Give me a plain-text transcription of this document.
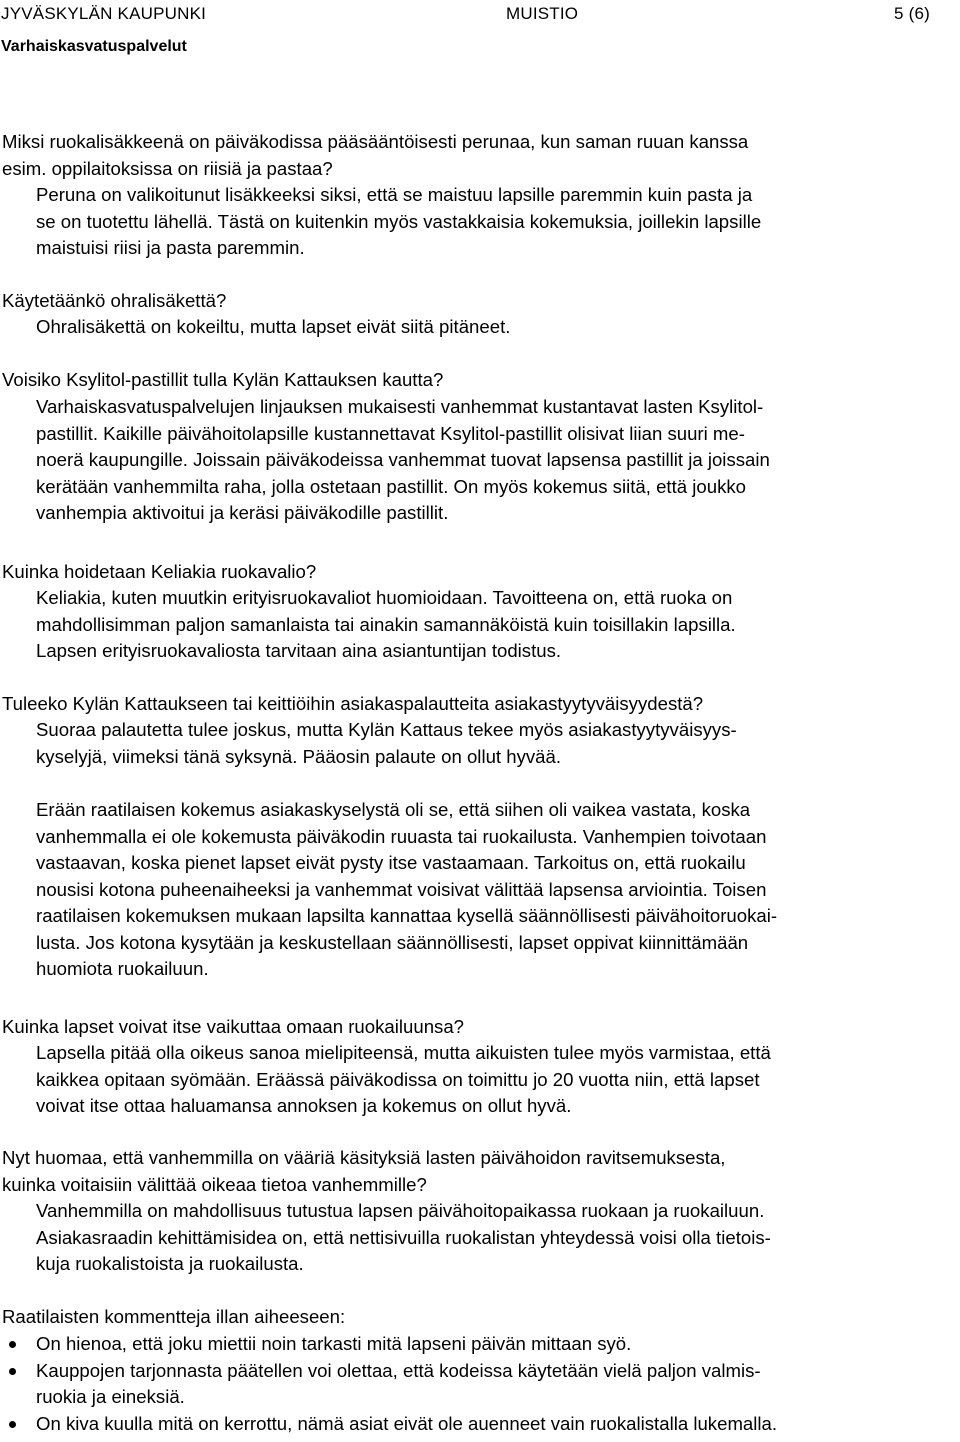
JYVÄSKYLÄN KAUPUNKI	MUISTIO	5 (6)
Varhaiskasvatuspalvelut
Miksi ruokalisäkkeenä on päiväkodissa pääsääntöisesti perunaa, kun saman ruuan kanssa
esim. oppilaitoksissa on riisiä ja pastaa?
Peruna on valikoitunut lisäkkeeksi siksi, että se maistuu lapsille paremmin kuin pasta ja
se on tuotettu lähellä. Tästä on kuitenkin myös vastakkaisia kokemuksia, joillekin lapsille
maistuisi riisi ja pasta paremmin.
Käytetäänkö ohralisäkettä?
Ohralisäkettä on kokeiltu, mutta lapset eivät siitä pitäneet.
Voisiko Ksylitol-pastillit tulla Kylän Kattauksen kautta?
Varhaiskasvatuspalvelujen linjauksen mukaisesti vanhemmat kustantavat lasten Ksylitol-
pastillit. Kaikille päivähoitolapsille kustannettavat Ksylitol-pastillit olisivat liian suuri me-
noerä kaupungille. Joissain päiväkodeissa vanhemmat tuovat lapsensa pastillit ja joissain
kerätään vanhemmilta raha, jolla ostetaan pastillit. On myös kokemus siitä, että joukko
vanhempia aktivoitui ja keräsi päiväkodille pastillit.
Kuinka hoidetaan Keliakia ruokavalio?
Keliakia, kuten muutkin erityisruokavaliot huomioidaan. Tavoitteena on, että ruoka on
mahdollisimman paljon samanlaista tai ainakin samannäköistä kuin toisillakin lapsilla.
Lapsen erityisruokavaliosta tarvitaan aina asiantuntijan todistus.
Tuleeko Kylän Kattaukseen tai keittiöihin asiakaspalautteita asiakastyytyväisyydestä?
Suoraa palautetta tulee joskus, mutta Kylän Kattaus tekee myös asiakastyytyväisyys-
kyselyjä, viimeksi tänä syksynä. Pääosin palaute on ollut hyvää.
Erään raatilaisen kokemus asiakaskyselystä oli se, että siihen oli vaikea vastata, koska
vanhemmalla ei ole kokemusta päiväkodin ruuasta tai ruokailusta. Vanhempien toivotaan
vastaavan, koska pienet lapset eivät pysty itse vastaamaan. Tarkoitus on, että ruokailu
nousisi kotona puheenaiheeksi ja vanhemmat voisivat välittää lapsensa arviointia. Toisen
raatilaisen kokemuksen mukaan lapsilta kannattaa kysellä säännöllisesti päivähoitoruokai-
lusta. Jos kotona kysytään ja keskustellaan säännöllisesti, lapset oppivat kiinnittämään
huomiota ruokailuun.
Kuinka lapset voivat itse vaikuttaa omaan ruokailuunsa?
Lapsella pitää olla oikeus sanoa mielipiteensä, mutta aikuisten tulee myös varmistaa, että
kaikkea opitaan syömään. Eräässä päiväkodissa on toimittu jo 20 vuotta niin, että lapset
voivat itse ottaa haluamansa annoksen ja kokemus on ollut hyvä.
Nyt huomaa, että vanhemmilla on vääriä käsityksiä lasten päivähoidon ravitsemuksesta,
kuinka voitaisiin välittää oikeaa tietoa vanhemmille?
Vanhemmilla on mahdollisuus tutustua lapsen päivähoitopaikassa ruokaan ja ruokailuun.
Asiakasraadin kehittämisidea on, että nettisivuilla ruokalistan yhteydessä voisi olla tietois-
kuja ruokalistoista ja ruokailusta.
Raatilaisten kommentteja illan aiheeseen:
On hienoa, että joku miettii noin tarkasti mitä lapseni päivän mittaan syö.
Kauppojen tarjonnasta päätellen voi olettaa, että kodeissa käytetään vielä paljon valmis-
ruokia ja eineksiä.
On kiva kuulla mitä on kerrottu, nämä asiat eivät ole auenneet vain ruokalistalla lukemalla.
